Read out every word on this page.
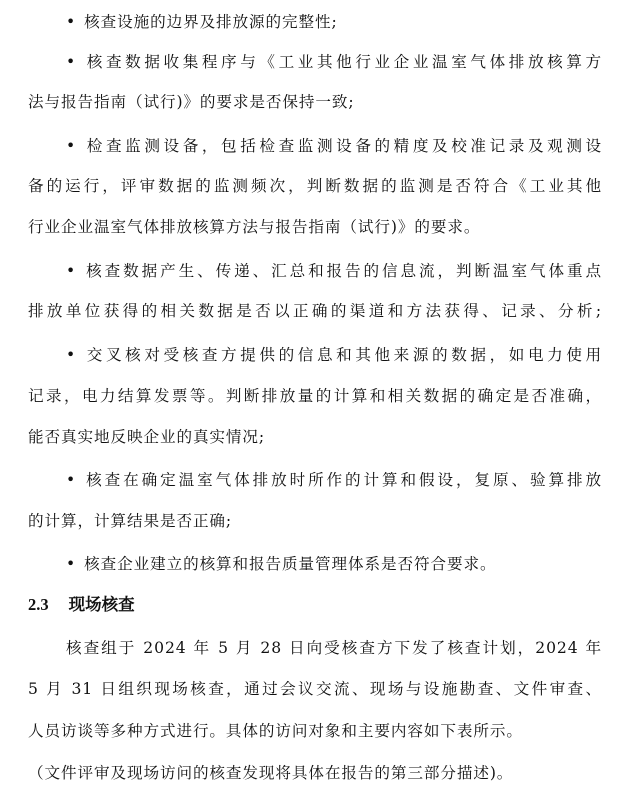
• 核查设施的边界及排放源的完整性;
• 核查数据收集程序与《工业其他行业企业温室气体排放核算方
法与报告指南（试行)》的要求是否保持一致;
• 检查监测设备，包括检查监测设备的精度及校准记录及观测设
备的运行，评审数据的监测频次，判断数据的监测是否符合《工业其他
行业企业温室气体排放核算方法与报告指南（试行)》的要求。
• 核查数据产生、传递、汇总和报告的信息流，判断温室气体重点
排放单位获得的相关数据是否以正确的渠道和方法获得、记录、分析;
• 交叉核对受核查方提供的信息和其他来源的数据，如电力使用
记录，电力结算发票等。判断排放量的计算和相关数据的确定是否准确，
能否真实地反映企业的真实情况;
• 核查在确定温室气体排放时所作的计算和假设，复原、验算排放
的计算，计算结果是否正确;
• 核查企业建立的核算和报告质量管理体系是否符合要求。
2.3 现场核查
核查组于 2024 年 5 月 28 日向受核查方下发了核查计划，2024 年
5 月 31 日组织现场核查，通过会议交流、现场与设施勘查、文件审查、
人员访谈等多种方式进行。具体的访问对象和主要内容如下表所示。
（文件评审及现场访问的核查发现将具体在报告的第三部分描述)。
